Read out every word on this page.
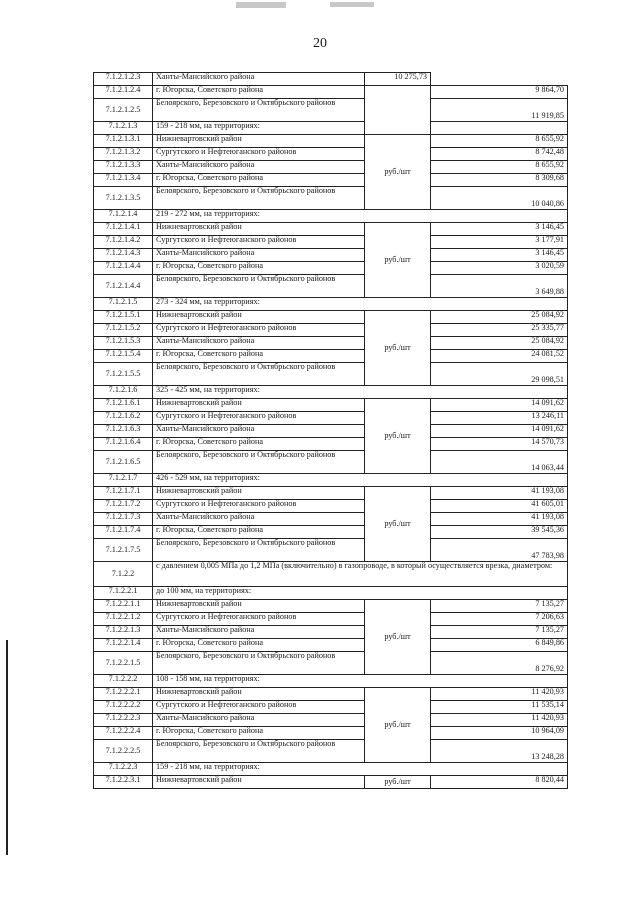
20
7.1.2.1.2.3	Ханты-Мансийского района	10 275,73	
7.1.2.1.2.4	г. Югорска, Советского района		9 864,70
7.1.2.1.2.5	Белоярского, Березовского и Октябрьского районов		11 919,85
7.1.2.1.3	159 - 218 мм, на территориях:		
7.1.2.1.3.1	Нижневартовский район	руб./шт	8 655,92
7.1.2.1.3.2	Сургутского и Нефтеюганского районов		8 742,48
7.1.2.1.3.3	Ханты-Мансийского района		8 655,92
7.1.2.1.3.4	г. Югорска, Советского района		8 309,68
7.1.2.1.3.5	Белоярского, Березовского и Октябрьского районов		10 040,86
7.1.2.1.4	219 - 272 мм, на территориях:		
7.1.2.1.4.1	Нижневартовский район	руб./шт	3 146,45
7.1.2.1.4.2	Сургутского и Нефтеюганского районов		3 177,91
7.1.2.1.4.3	Ханты-Мансийского района		3 146,45
7.1.2.1.4.4	г. Югорска, Советского района		3 020,59
7.1.2.1.4.4	Белоярского, Березовского и Октябрьского районов		3 649,88
7.1.2.1.5	273 - 324 мм, на территориях:		
7.1.2.1.5.1	Нижневартовский район	руб./шт	25 084,92
7.1.2.1.5.2	Сургутского и Нефтеюганского районов		25 335,77
7.1.2.1.5.3	Ханты-Мансийского района		25 084,92
7.1.2.1.5.4	г. Югорска, Советского района		24 081,52
7.1.2.1.5.5	Белоярского, Березовского и Октябрьского районов		29 098,51
7.1.2.1.6	325 - 425 мм, на территориях:		
7.1.2.1.6.1	Нижневартовский район	руб./шт	14 091,62
7.1.2.1.6.2	Сургутского и Нефтеюганского районов		13 246,11
7.1.2.1.6.3	Ханты-Мансийского района		14 091,62
7.1.2.1.6.4	г. Югорска, Советского района		14 570,73
7.1.2.1.6.5	Белоярского, Березовского и Октябрьского районов		14 063,44
7.1.2.1.7	426 - 529 мм, на территориях:		
7.1.2.1.7.1	Нижневартовский район	руб./шт	41 193,08
7.1.2.1.7.2	Сургутского и Нефтеюганского районов		41 605,01
7.1.2.1.7.3	Ханты-Мансийского района		41 193,08
7.1.2.1.7.4	г. Югорска, Советского района		39 545,36
7.1.2.1.7.5	Белоярского, Березовского и Октябрьского районов		47 783,98
7.1.2.2	с давлением 0,005 МПа до 1,2 МПа (включительно) в газопроводе, в который осуществляется врезка, диаметром:		
7.1.2.2.1	до 100 мм, на территориях:		
7.1.2.2.1.1	Нижневартовский район	руб./шт	7 135,27
7.1.2.2.1.2	Сургутского и Нефтеюганского районов		7 206,63
7.1.2.2.1.3	Ханты-Мансийского района		7 135,27
7.1.2.2.1.4	г. Югорска, Советского района		6 849,86
7.1.2.2.1.5	Белоярского, Березовского и Октябрьского районов		8 276,92
7.1.2.2.2	108 - 158 мм, на территориях:		
7.1.2.2.2.1	Нижневартовский район	руб./шт	11 420,93
7.1.2.2.2.2	Сургутского и Нефтеюганского районов		11 535,14
7.1.2.2.2.3	Ханты-Мансийского района		11 420,93
7.1.2.2.2.4	г. Югорска, Советского района		10 964,09
7.1.2.2.2.5	Белоярского, Березовского и Октябрьского районов		13 248,28
7.1.2.2.3	159 - 218 мм, на территориях:		
7.1.2.2.3.1	Нижневартовский район	руб./шт	8 820,44
